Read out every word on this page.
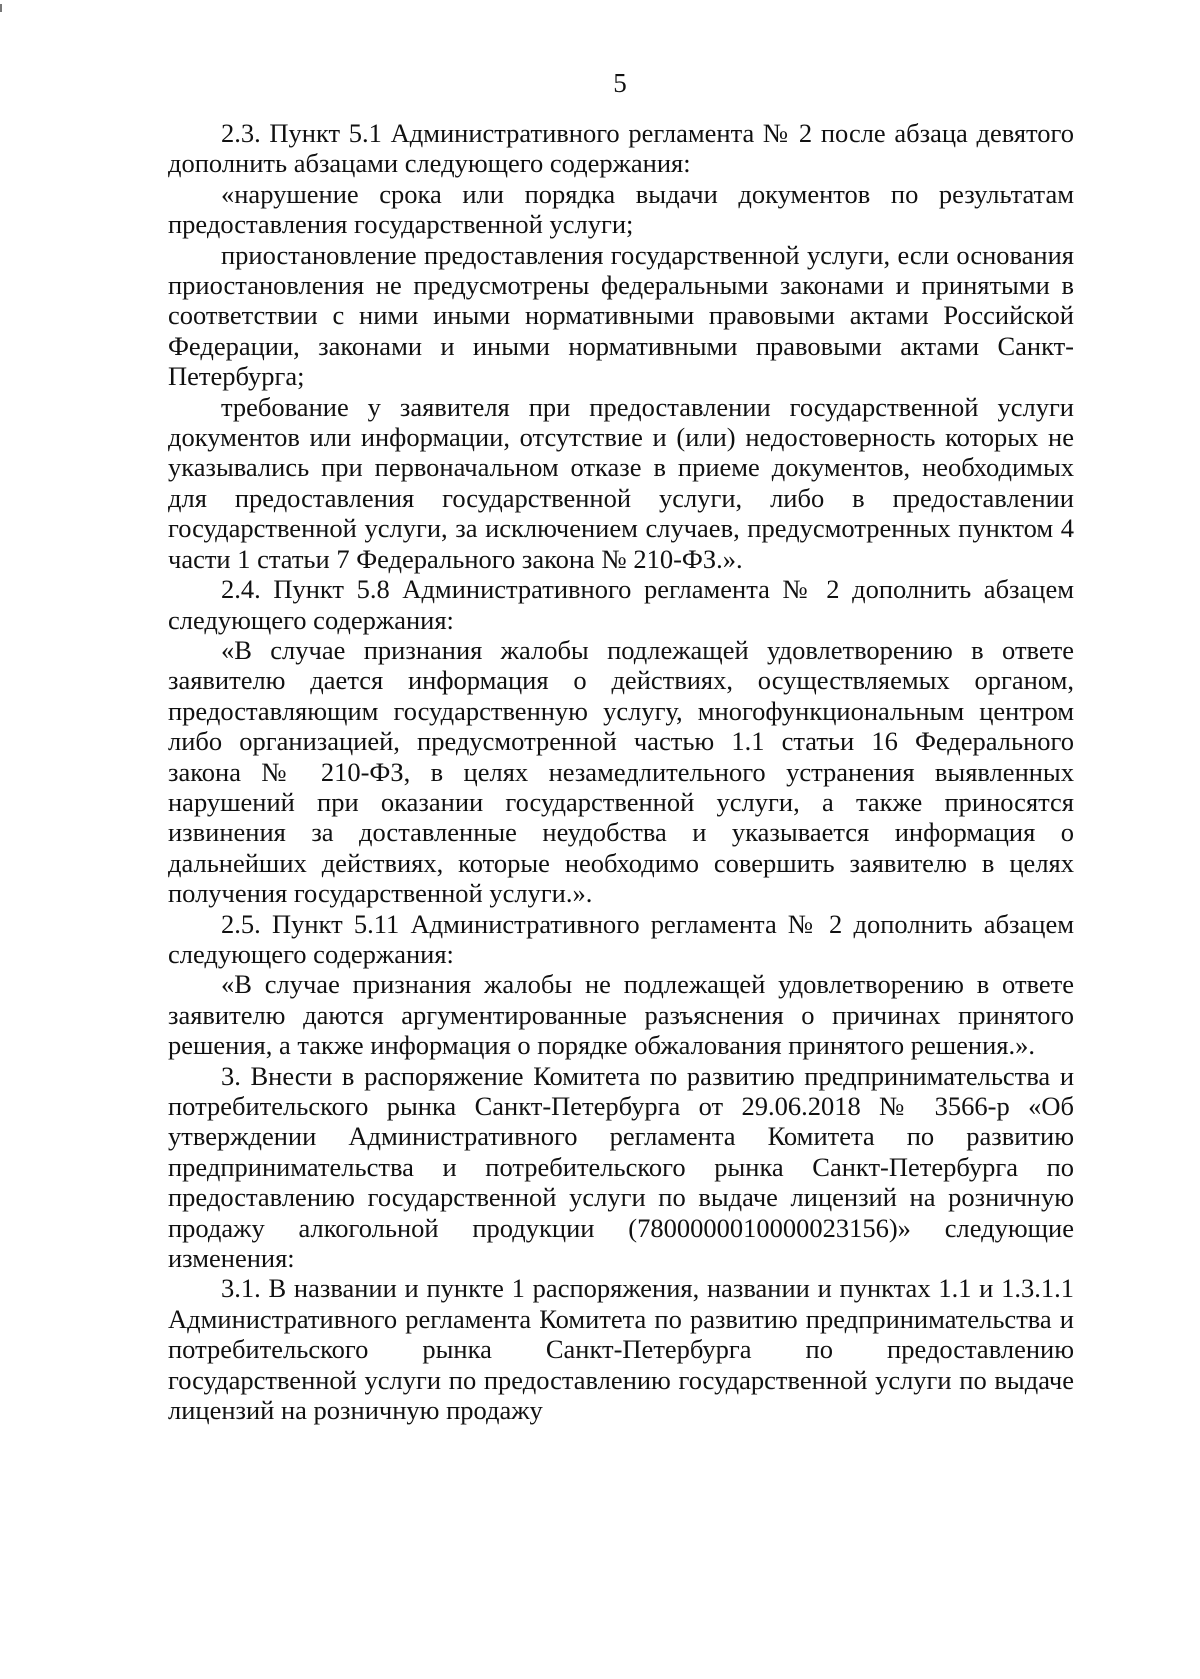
5

2.3. Пункт 5.1 Административного регламента № 2 после абзаца девятого дополнить абзацами следующего содержания:

«нарушение срока или порядка выдачи документов по результатам предоставления государственной услуги;

приостановление предоставления государственной услуги, если основания приостановления не предусмотрены федеральными законами и принятыми в соответствии с ними иными нормативными правовыми актами Российской Федерации, законами и иными нормативными правовыми актами Санкт-Петербурга;

требование у заявителя при предоставлении государственной услуги документов или информации, отсутствие и (или) недостоверность которых не указывались при первоначальном отказе в приеме документов, необходимых для предоставления государственной услуги, либо в предоставлении государственной услуги, за исключением случаев, предусмотренных пунктом 4 части 1 статьи 7 Федерального закона № 210-ФЗ.».

2.4. Пункт 5.8 Административного регламента № 2 дополнить абзацем следующего содержания:

«В случае признания жалобы подлежащей удовлетворению в ответе заявителю дается информация о действиях, осуществляемых органом, предоставляющим государственную услугу, многофункциональным центром либо организацией, предусмотренной частью 1.1 статьи 16 Федерального закона № 210-ФЗ, в целях незамедлительного устранения выявленных нарушений при оказании государственной услуги, а также приносятся извинения за доставленные неудобства и указывается информация о дальнейших действиях, которые необходимо совершить заявителю в целях получения государственной услуги.».

2.5. Пункт 5.11 Административного регламента № 2 дополнить абзацем следующего содержания:

«В случае признания жалобы не подлежащей удовлетворению в ответе заявителю даются аргументированные разъяснения о причинах принятого решения, а также информация о порядке обжалования принятого решения.».

3. Внести в распоряжение Комитета по развитию предпринимательства и потребительского рынка Санкт-Петербурга от 29.06.2018 № 3566-р «Об утверждении Административного регламента Комитета по развитию предпринимательства и потребительского рынка Санкт-Петербурга по предоставлению государственной услуги по выдаче лицензий на розничную продажу алкогольной продукции (7800000010000023156)» следующие изменения:

3.1. В названии и пункте 1 распоряжения, названии и пунктах 1.1 и 1.3.1.1 Административного регламента Комитета по развитию предпринимательства и потребительского рынка Санкт-Петербурга по предоставлению государственной услуги по предоставлению государственной услуги по выдаче лицензий на розничную продажу
